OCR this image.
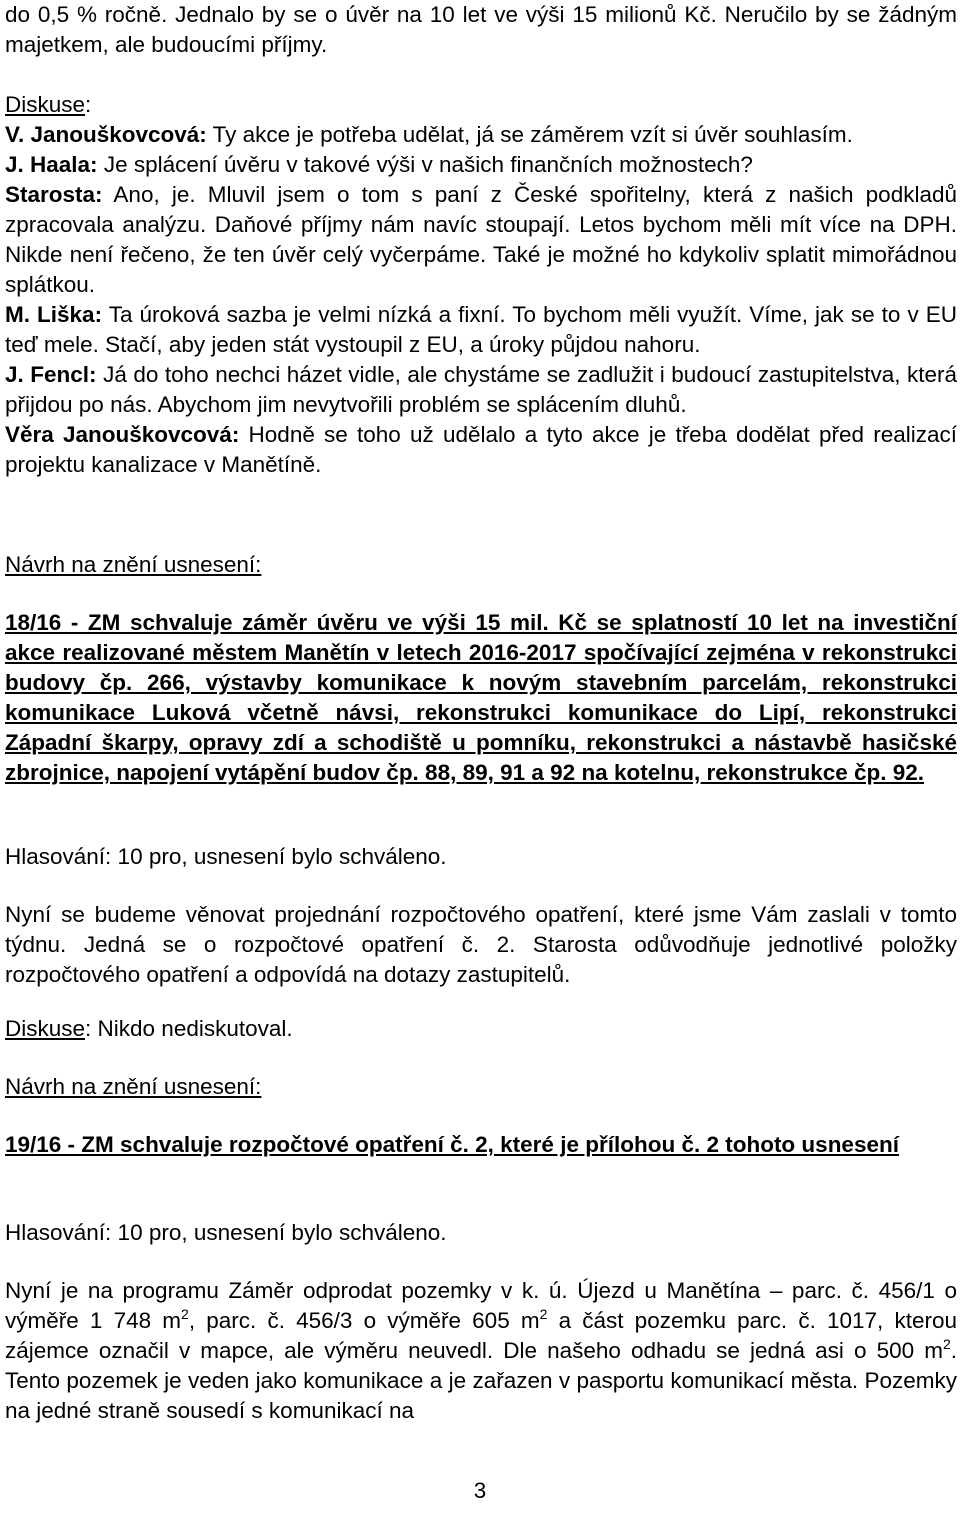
do 0,5 % ročně. Jednalo by se o úvěr na 10 let ve výši 15 milionů Kč. Neručilo by se žádným majetkem, ale budoucími příjmy.

Diskuse:

V. Janouškovcová: Ty akce je potřeba udělat, já se záměrem vzít si úvěr souhlasím.

J. Haala: Je splácení úvěru v takové výši v našich finančních možnostech?

Starosta: Ano, je. Mluvil jsem o tom s paní z České spořitelny, která z našich podkladů zpracovala analýzu. Daňové příjmy nám navíc stoupají. Letos bychom měli mít více na DPH. Nikde není řečeno, že ten úvěr celý vyčerpáme. Také je možné ho kdykoliv splatit mimořádnou splátkou.

M. Liška: Ta úroková sazba je velmi nízká a fixní. To bychom měli využít. Víme, jak se to v EU teď mele. Stačí, aby jeden stát vystoupil z EU, a úroky půjdou nahoru.

J. Fencl: Já do toho nechci házet vidle, ale chystáme se zadlužit i budoucí zastupitelstva, která přijdou po nás. Abychom jim nevytvořili problém se splácením dluhů.

Věra Janouškovcová: Hodně se toho už udělalo a tyto akce je třeba dodělat před realizací projektu kanalizace v Manětíně.

Návrh na znění usnesení:

18/16 - ZM schvaluje záměr úvěru ve výši 15 mil. Kč se splatností 10 let na investiční akce realizované městem Manětín v letech 2016-2017 spočívající zejména v rekonstrukci budovy čp. 266, výstavby komunikace k novým stavebním parcelám, rekonstrukci komunikace Luková včetně návsi, rekonstrukci komunikace do Lipí, rekonstrukci Západní škarpy, opravy zdí a schodiště u pomníku, rekonstrukci a nástavbě hasičské zbrojnice, napojení vytápění budov čp. 88, 89, 91 a 92 na kotelnu, rekonstrukce čp. 92.

Hlasování: 10 pro, usnesení bylo schváleno.

Nyní se budeme věnovat projednání rozpočtového opatření, které jsme Vám zaslali v tomto týdnu. Jedná se o rozpočtové opatření č. 2. Starosta odůvodňuje jednotlivé položky rozpočtového opatření a odpovídá na dotazy zastupitelů.

Diskuse: Nikdo nediskutoval.

Návrh na znění usnesení:

19/16 - ZM schvaluje rozpočtové opatření č. 2, které je přílohou č. 2 tohoto usnesení

Hlasování: 10 pro, usnesení bylo schváleno.

Nyní je na programu Záměr odprodat pozemky v k. ú. Újezd u Manětína – parc. č. 456/1 o výměře 1 748 $m^2$, parc. č. 456/3 o výměře 605 $m^2$ a část pozemku parc. č. 1017, kterou zájemce označil v mapce, ale výměru neuvedl. Dle našeho odhadu se jedná asi o 500 $m^2$. Tento pozemek je veden jako komunikace a je zařazen v pasportu komunikací města. Pozemky na jedné straně sousedí s komunikací na

3
